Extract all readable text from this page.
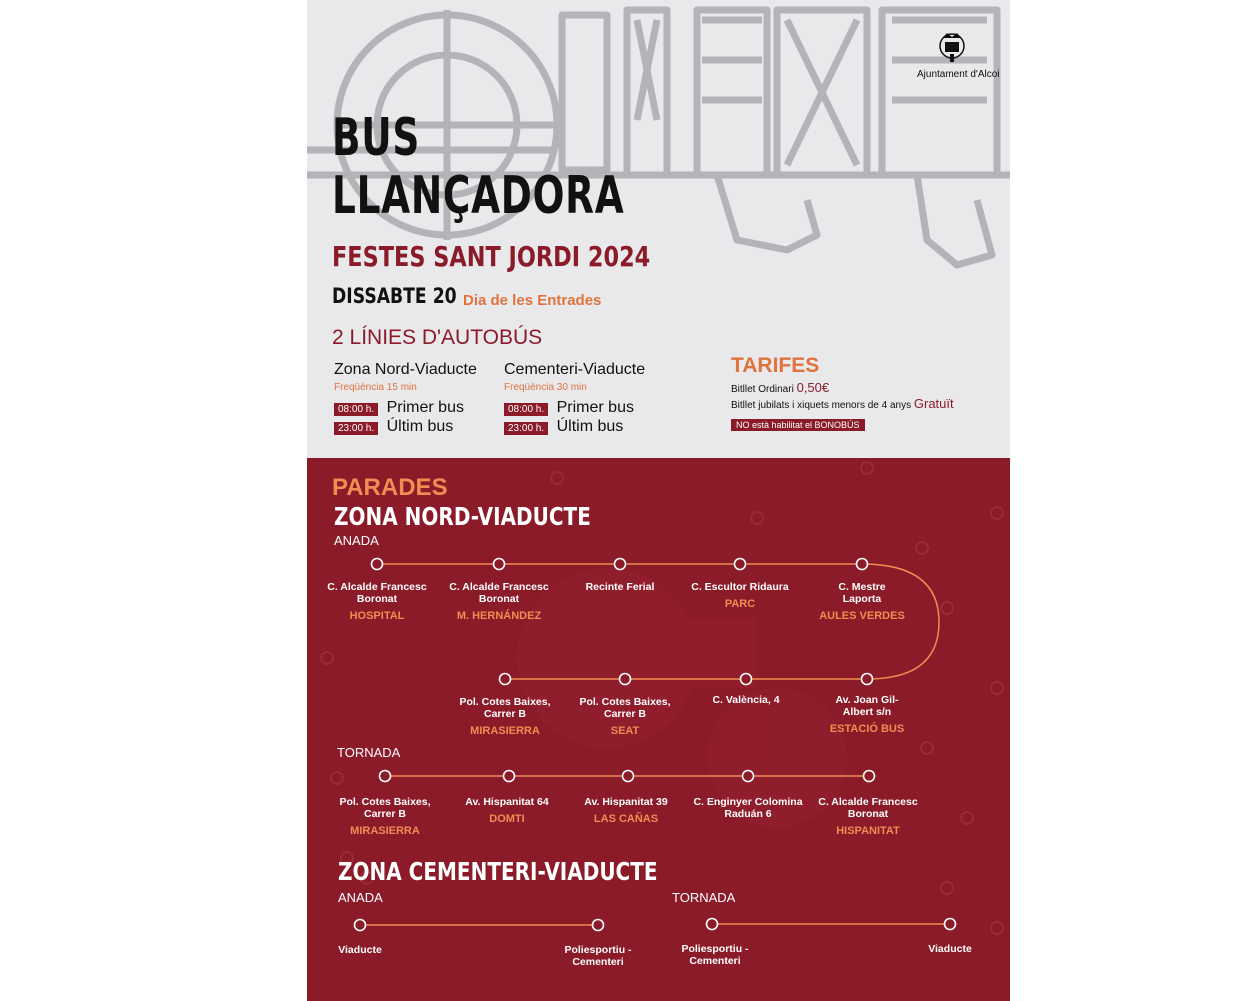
Ajuntament d'Alcoi
BUS
LLANÇADORA
FESTES SANT JORDI 2024
DISSABTE 20 Dia de les Entrades
2 LÍNIES D'AUTOBÚS
Zona Nord-Viaducte
Freqüència 15 min
08:00 h. Primer bus
23:00 h. Últim bus
Cementeri-Viaducte
Freqüència 30 min
08:00 h. Primer bus
23:00 h. Últim bus
TARIFES
Bitllet Ordinari 0,50€
Bitllet jubilats i xiquets menors de 4 anys Gratuït
NO està habilitat el BONOBÚS
PARADES
ZONA NORD-VIADUCTE
ANADA
C. Alcalde Francesc Boronat
HOSPITAL
C. Alcalde Francesc Boronat
M. HERNÁNDEZ
Recinte Ferial	C. Escultor Ridaura
PARC
C. Mestre Laporta
AULES VERDES
Pol. Cotes Baixes, Carrer B
MIRASIERRA
Pol. Cotes Baixes, Carrer B
SEAT
C. València, 4	Av. Joan Gil-Albert s/n
ESTACIÓ BUS
TORNADA
Pol. Cotes Baixes, Carrer B
MIRASIERRA
Av. Hispanitat 64
DOMTI
Av. Hispanitat 39
LAS CAÑAS
C. Enginyer Colomina Raduán 6
C. Alcalde Francesc Boronat
HISPANITAT
ZONA CEMENTERI-VIADUCTE
ANADA	TORNADA
Viaducte	Poliesportiu - Cementeri
Poliesportiu - Cementeri
Viaducte
